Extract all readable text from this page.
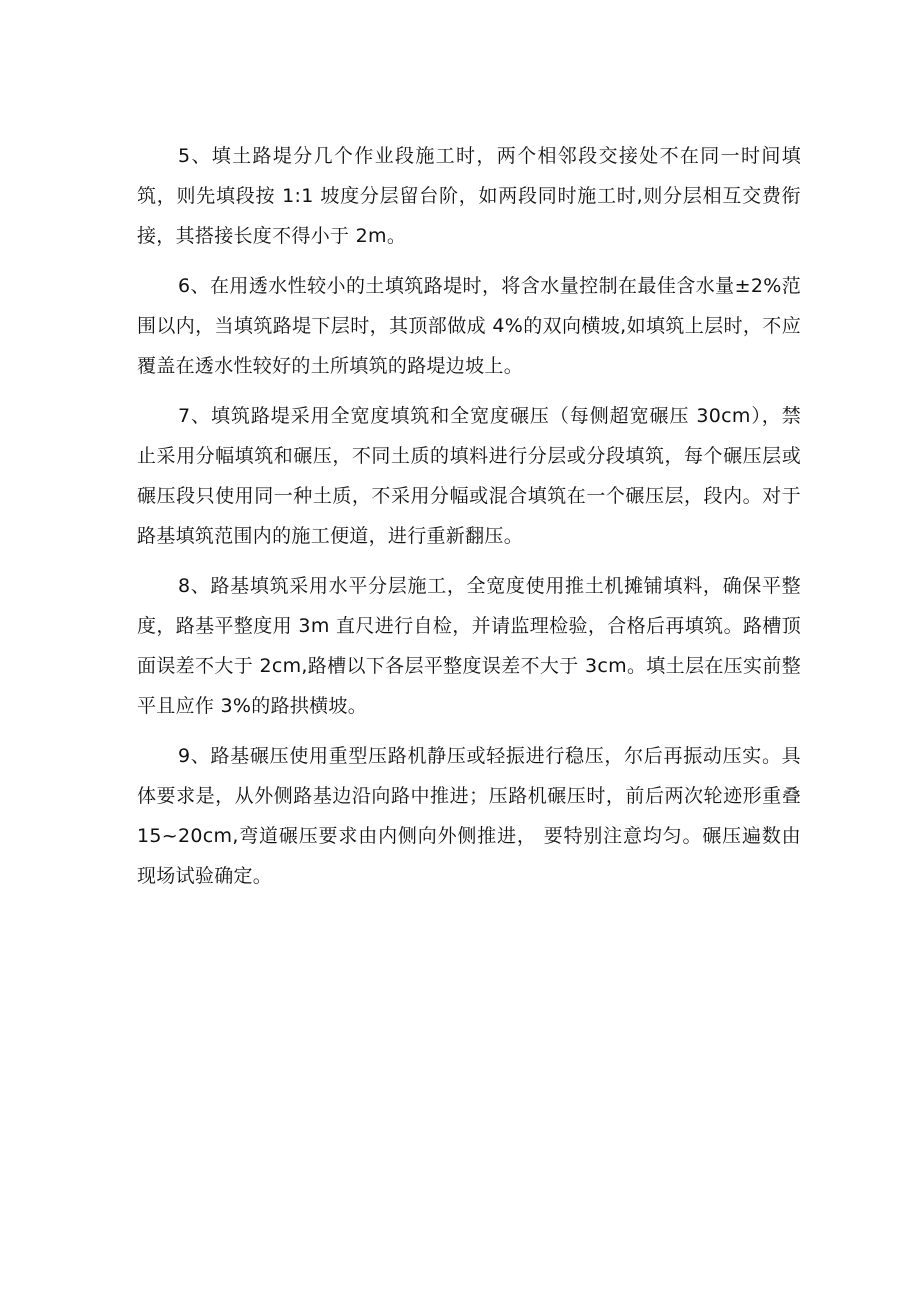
5、填土路堤分几个作业段施工时，两个相邻段交接处不在同一时间填筑，则先填段按 1:1 坡度分层留台阶，如两段同时施工时,则分层相互交费衔接，其搭接长度不得小于 2m。

6、在用透水性较小的土填筑路堤时，将含水量控制在最佳含水量±2%范围以内，当填筑路堤下层时，其顶部做成 4%的双向横坡,如填筑上层时，不应覆盖在透水性较好的土所填筑的路堤边坡上。

7、填筑路堤采用全宽度填筑和全宽度碾压（每侧超宽碾压 30cm），禁止采用分幅填筑和碾压，不同土质的填料进行分层或分段填筑，每个碾压层或碾压段只使用同一种土质，不采用分幅或混合填筑在一个碾压层，段内。对于路基填筑范围内的施工便道，进行重新翻压。

8、路基填筑采用水平分层施工，全宽度使用推土机摊铺填料，确保平整度，路基平整度用 3m 直尺进行自检，并请监理检验，合格后再填筑。路槽顶面误差不大于 2cm,路槽以下各层平整度误差不大于 3cm。填土层在压实前整平且应作 3%的路拱横坡。

9、路基碾压使用重型压路机静压或轻振进行稳压，尔后再振动压实。具体要求是，从外侧路基边沿向路中推进；压路机碾压时，前后两次轮迹形重叠 15~20cm,弯道碾压要求由内侧向外侧推进， 要特别注意均匀。碾压遍数由现场试验确定。
